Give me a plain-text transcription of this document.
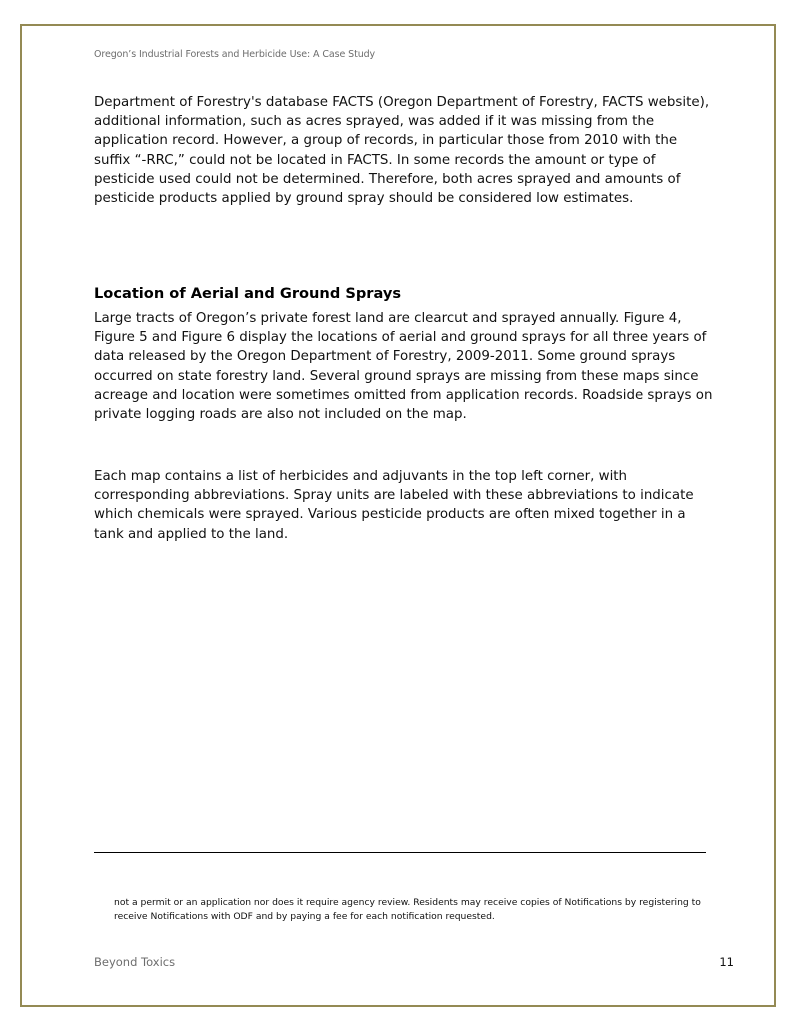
Oregon’s Industrial Forests and Herbicide Use: A Case Study

Department of Forestry's database FACTS (Oregon Department of Forestry, FACTS website), additional information, such as acres sprayed, was added if it was missing from the application record. However, a group of records, in particular those from 2010 with the suffix “-RRC,” could not be located in FACTS. In some records the amount or type of pesticide used could not be determined. Therefore, both acres sprayed and amounts of pesticide products applied by ground spray should be considered low estimates.

Location of Aerial and Ground Sprays

Large tracts of Oregon’s private forest land are clearcut and sprayed annually. Figure 4, Figure 5 and Figure 6 display the locations of aerial and ground sprays for all three years of data released by the Oregon Department of Forestry, 2009-2011. Some ground sprays occurred on state forestry land. Several ground sprays are missing from these maps since acreage and location were sometimes omitted from application records. Roadside sprays on private logging roads are also not included on the map.

Each map contains a list of herbicides and adjuvants in the top left corner, with corresponding abbreviations. Spray units are labeled with these abbreviations to indicate which chemicals were sprayed. Various pesticide products are often mixed together in a tank and applied to the land.

not a permit or an application nor does it require agency review. Residents may receive copies of Notifications by registering to receive Notifications with ODF and by paying a fee for each notification requested.

Beyond Toxics	11
